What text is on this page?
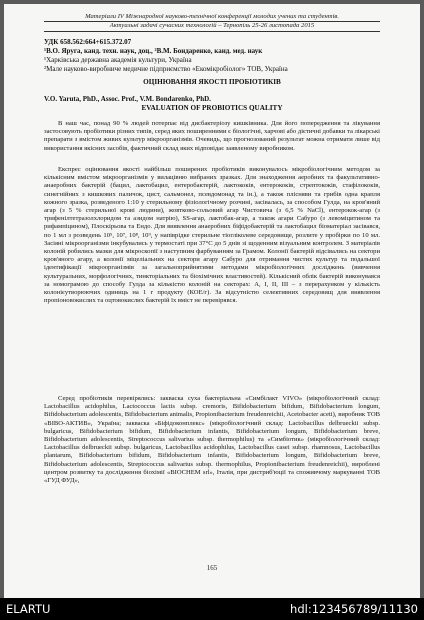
Матеріали IV Міжнародної науково-технічної конференції молодих учених та студентів.
Актуальні задачі сучасних технологій – Тернопіль 25-26 листопада 2015
УДК 658.562:664+615.372.07
¹В.О. Яруга, канд. техн. наук, доц., ²В.М. Бондаренко, канд. мед. наук
¹Харківська державна академія культури, Україна
²Мале науково-виробниче медичне підприємство «Екомікробіолог» ТОВ, Україна
ОЦІНЮВАННЯ ЯКОСТІ ПРОБІОТИКІВ
V.O. Yaruta, PhD., Assoc. Prof., V.M. Bondarenko, PhD.
EVALUATION OF PROBIOTICS QUALITY

В наш час, понад 90 % людей потерпає від дисбактеріозу кишківника. Для його попередження та лікування застосовують пробіотики різних типів, серед яких поширенними є біологічні, харчові або дієтичні добавки та лікарські препарати з вмістом живих культур мікроорганізмів. Очевидь, що прогнозований результат можна отримати лише від використання якісних засобів, фактичний склад яких відповідає заявленому виробником.

Експрес оцінювання якості найбільш поширених пробіотиків виконувалось мікробіологічним методом за кількісним вмістом мікроорганізмів у вилацівню вибраних зразках. Для знаходження аеробних та факультативно-анаеробних бактерій (бацил, лактобацил, ентеробактерій, лактококів, ентерококів, стрептококів, стафілококів, синегнійних з кишкових паличок, цист, сальмонел, псевдомонад та ін.), а також плісняви та грибів одна крапля кожного зразка, розведеного 1:10 у стерильному фізіологічному розчині, засівалась, за способом Гулда, на кров'яний агар (з 5 % стерильної крові людини), жовтково-сольовий агар Чистовича (з 6,5 % NaCl), ентерокок-агар (з трифенілтетразолхлоридом та азидом натрію), SS-агар, лактобак-агар, а також агари Сабуро (з левоміцитином та рифампіцином), Плоскірьова та Ендо. Для виявлення анаеробних біфідобактерій та лактобацил біоматеріал засівався, по 1 мл з розведень 10⁵, 10⁷, 10⁸, 10⁹, у напіврідке стерильне тіогліколеве середовище, розлите у пробірки по 10 мл. Засіяні мікроорганізми інкубувались у термостаті при 37°С до 5 днів зі щоденним візуальним контролем. З матеріалів колоній робились мазки для мікроскопії з наступним фарбуванням за Грамом. Колонії бактерій відсівались на сектори кров'яного агару, а колонії міцеліальних на сектори агару Сабуро для отримання чистих культур та подальшої ідентифікації мікроорганізмів за загальноприйнятими методами мікробіологічних досліджень (вивчення культуральних, морфологічних, тинкторіальних та біохімічних властивостей). Кількісний облік бактерій виконувався за номограмою до способу Гулда за кількістю колоній на секторах: А, І, ІІ, ІІІ – з перерахунком у кількість колонієутворюючих одиниць на 1 г продукту (КОЕ/г). За відсутністю селективних середовищ для виявлення пропіоновокислих та оцтовокислих бактерій їх вміст не перевірявся.

Серед пробіотиків перевірялись: закваска суха бактеріальна «Симбілакт VIVO» (мікробіологічний склад: Lactobacillus acidophilus, Lactococcus lactis subsp. cremoris, Bifidobacterium bifidum, Bifidobacterium longum, Bifidobacterium adolescentis, Bifidobacterium animalis, Propionibacterium freudenreichii, Acetobacter aceti), виробник ТОВ «ВІВО-АКТИВ», Україна; закваска «Біфідоконплекс» (мікробіологічний склад: Lactobacillus delbrueckii subsp. bulgaricus, Bifidobacterium bifidum, Bifidobacterium infantis, Bifidobacterium longum, Bifidobacterium breve, Bifidobacterium adolescentis, Streptococcus salivarius subsp. thermophilus) та «Симбіотик» (мікробіологічний склад: Lactobacillus delbrueckii subsp. bulgaricus, Lactobacillus acidophilus, Lactobacillus casei subsp. rhamnosus, Lactobacillus plantarum, Bifidobacterium bifidum, Bifidobacterium infantis, Bifidobacterium longum, Bifidobacterium breve, Bifidobacterium adolescentis, Streptococcus salivarius subsp. thermophilus, Propionibacterium freudenreichii), вироблені центром розвитку та дослідження біохімії «BIOCHEM srl», Італія, при дистриб'юції та споживчому маркуванні ТОВ «ГУД ФУД»,

165
ELARTU	hdl:123456789/11130
